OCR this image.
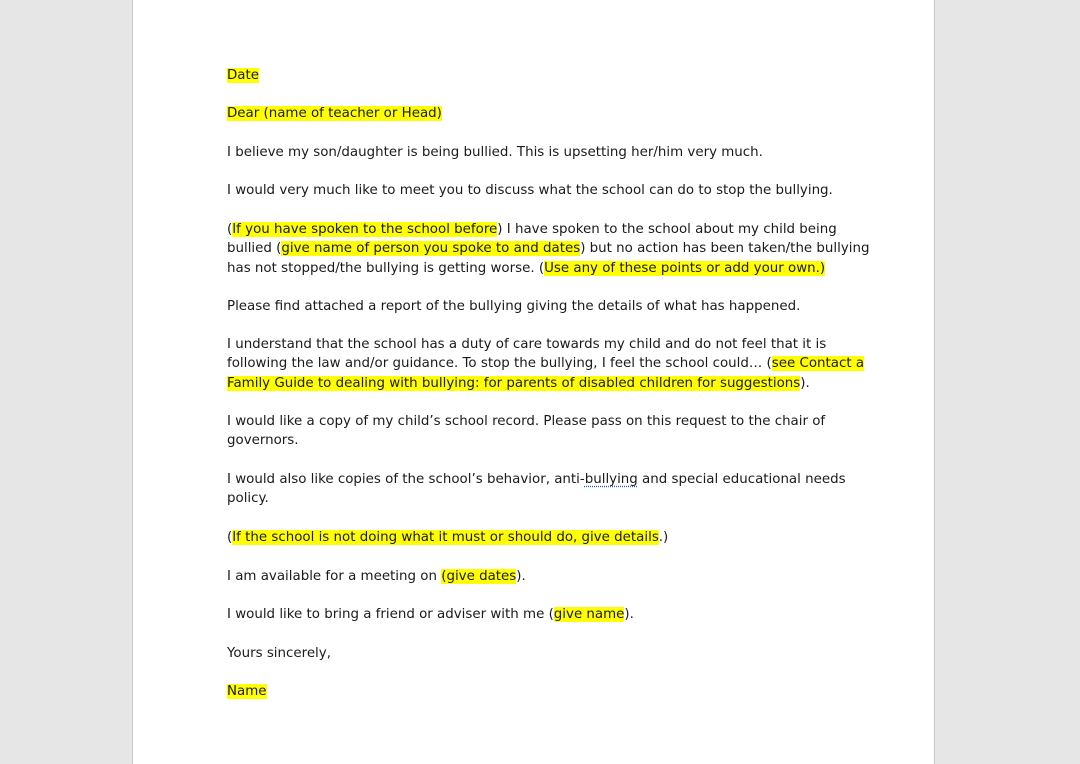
Date

Dear (name of teacher or Head)

I believe my son/daughter is being bullied. This is upsetting her/him very much.

I would very much like to meet you to discuss what the school can do to stop the bullying.

(If you have spoken to the school before) I have spoken to the school about my child being
bullied (give name of person you spoke to and dates) but no action has been taken/the bullying
has not stopped/the bullying is getting worse. (Use any of these points or add your own.)

Please find attached a report of the bullying giving the details of what has happened.

I understand that the school has a duty of care towards my child and do not feel that it is
following the law and/or guidance. To stop the bullying, I feel the school could… (see Contact a
Family Guide to dealing with bullying: for parents of disabled children for suggestions).

I would like a copy of my child’s school record. Please pass on this request to the chair of
governors.

I would also like copies of the school’s behavior, anti-bullying and special educational needs
policy.

(If the school is not doing what it must or should do, give details.)

I am available for a meeting on (give dates).

I would like to bring a friend or adviser with me (give name).

Yours sincerely,

Name
